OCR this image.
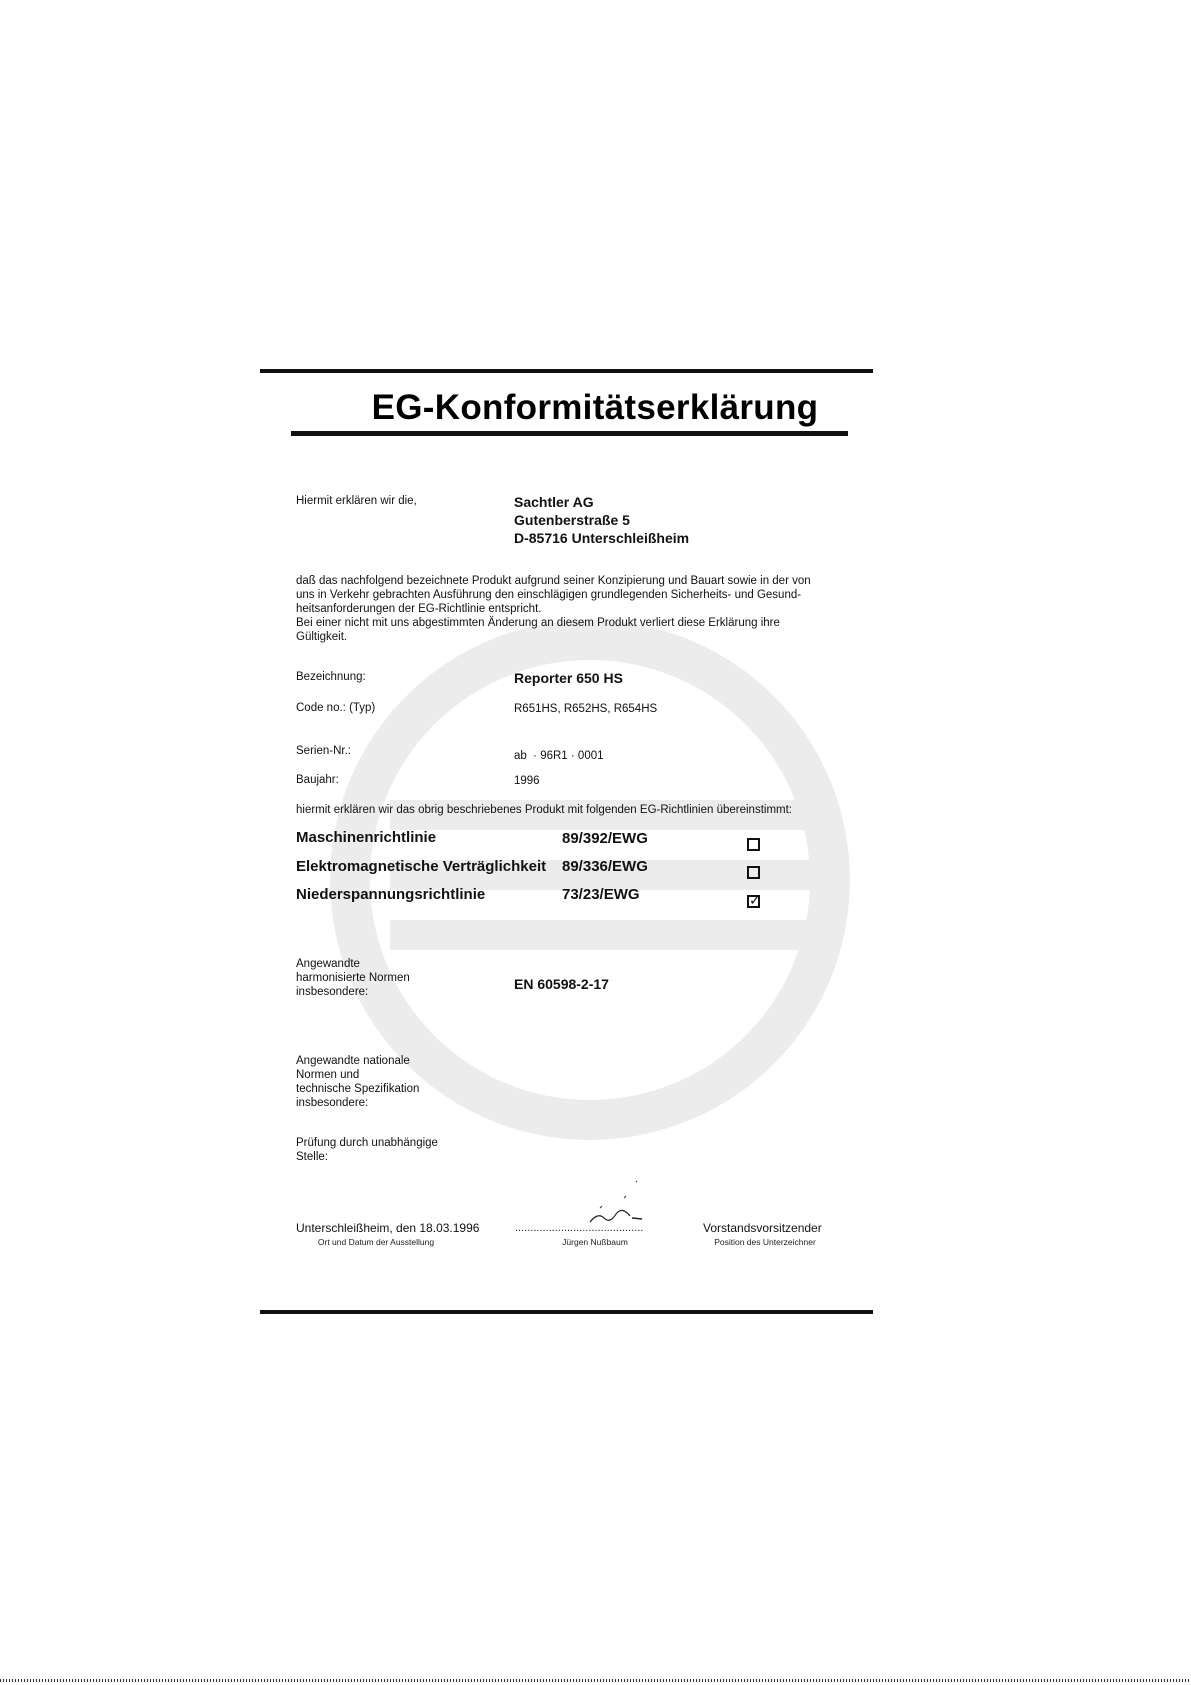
EG-Konformitätserklärung
Hiermit erklären wir die,	Sachtler AG
Gutenberstraße 5
D-85716 Unterschleißheim
daß das nachfolgend bezeichnete Produkt aufgrund seiner Konzipierung und Bauart sowie in der von
uns in Verkehr gebrachten Ausführung den einschlägigen grundlegenden Sicherheits- und Gesund-
heitsanforderungen der EG-Richtlinie entspricht.
Bei einer nicht mit uns abgestimmten Änderung an diesem Produkt verliert diese Erklärung ihre
Gültigkeit.
Bezeichnung:	Reporter 650 HS
Code no.: (Typ)	R651HS, R652HS, R654HS
Serien-Nr.:	ab  · 96R1 · 0001
Baujahr:	1996
hiermit erklären wir das obrig beschriebenes Produkt mit folgenden EG-Richtlinien übereinstimmt:
Maschinenrichtlinie	89/392/EWG
Elektromagnetische Verträglichkeit 89/336/EWG
Niederspannungsrichtlinie	73/23/EWG	✓
Angewandte
harmonisierte Normen
insbesondere:	EN 60598-2-17
Angewandte nationale
Normen und
technische Spezifikation
insbesondere:
Prüfung durch unabhängige
Stelle:
Unterschleißheim, den 18.03.1996
Ort und Datum der Ausstellung
..........................................
Jürgen Nußbaum
Vorstandsvorsitzender
Position des Unterzeichner
